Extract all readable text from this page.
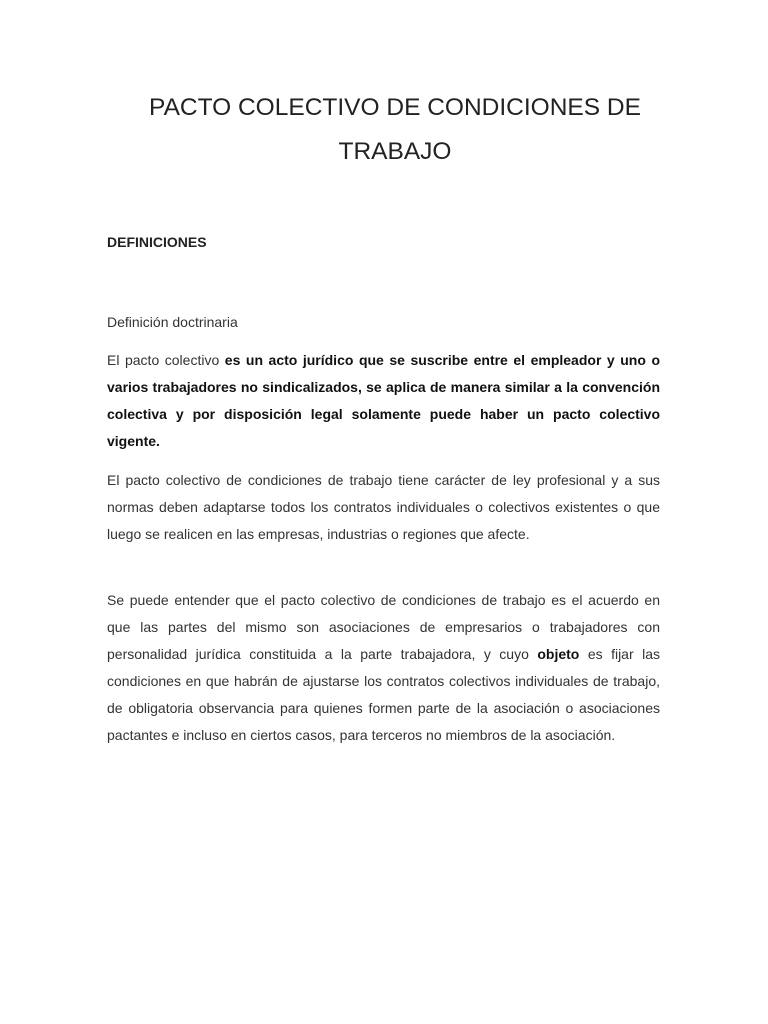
PACTO COLECTIVO DE CONDICIONES DE
TRABAJO
DEFINICIONES

Definición doctrinaria

El pacto colectivo es un acto jurídico que se suscribe entre el empleador y uno o varios trabajadores no sindicalizados, se aplica de manera similar a la convención colectiva y por disposición legal solamente puede haber un pacto colectivo vigente.

El pacto colectivo de condiciones de trabajo tiene carácter de ley profesional y a sus normas deben adaptarse todos los contratos individuales o colectivos existentes o que luego se realicen en las empresas, industrias o regiones que afecte.

Se puede entender que el pacto colectivo de condiciones de trabajo es el acuerdo en que las partes del mismo son asociaciones de empresarios o trabajadores con personalidad jurídica constituida a la parte trabajadora, y cuyo objeto es fijar las condiciones en que habrán de ajustarse los contratos colectivos individuales de trabajo, de obligatoria observancia para quienes formen parte de la asociación o asociaciones pactantes e incluso en ciertos casos, para terceros no miembros de la asociación.
